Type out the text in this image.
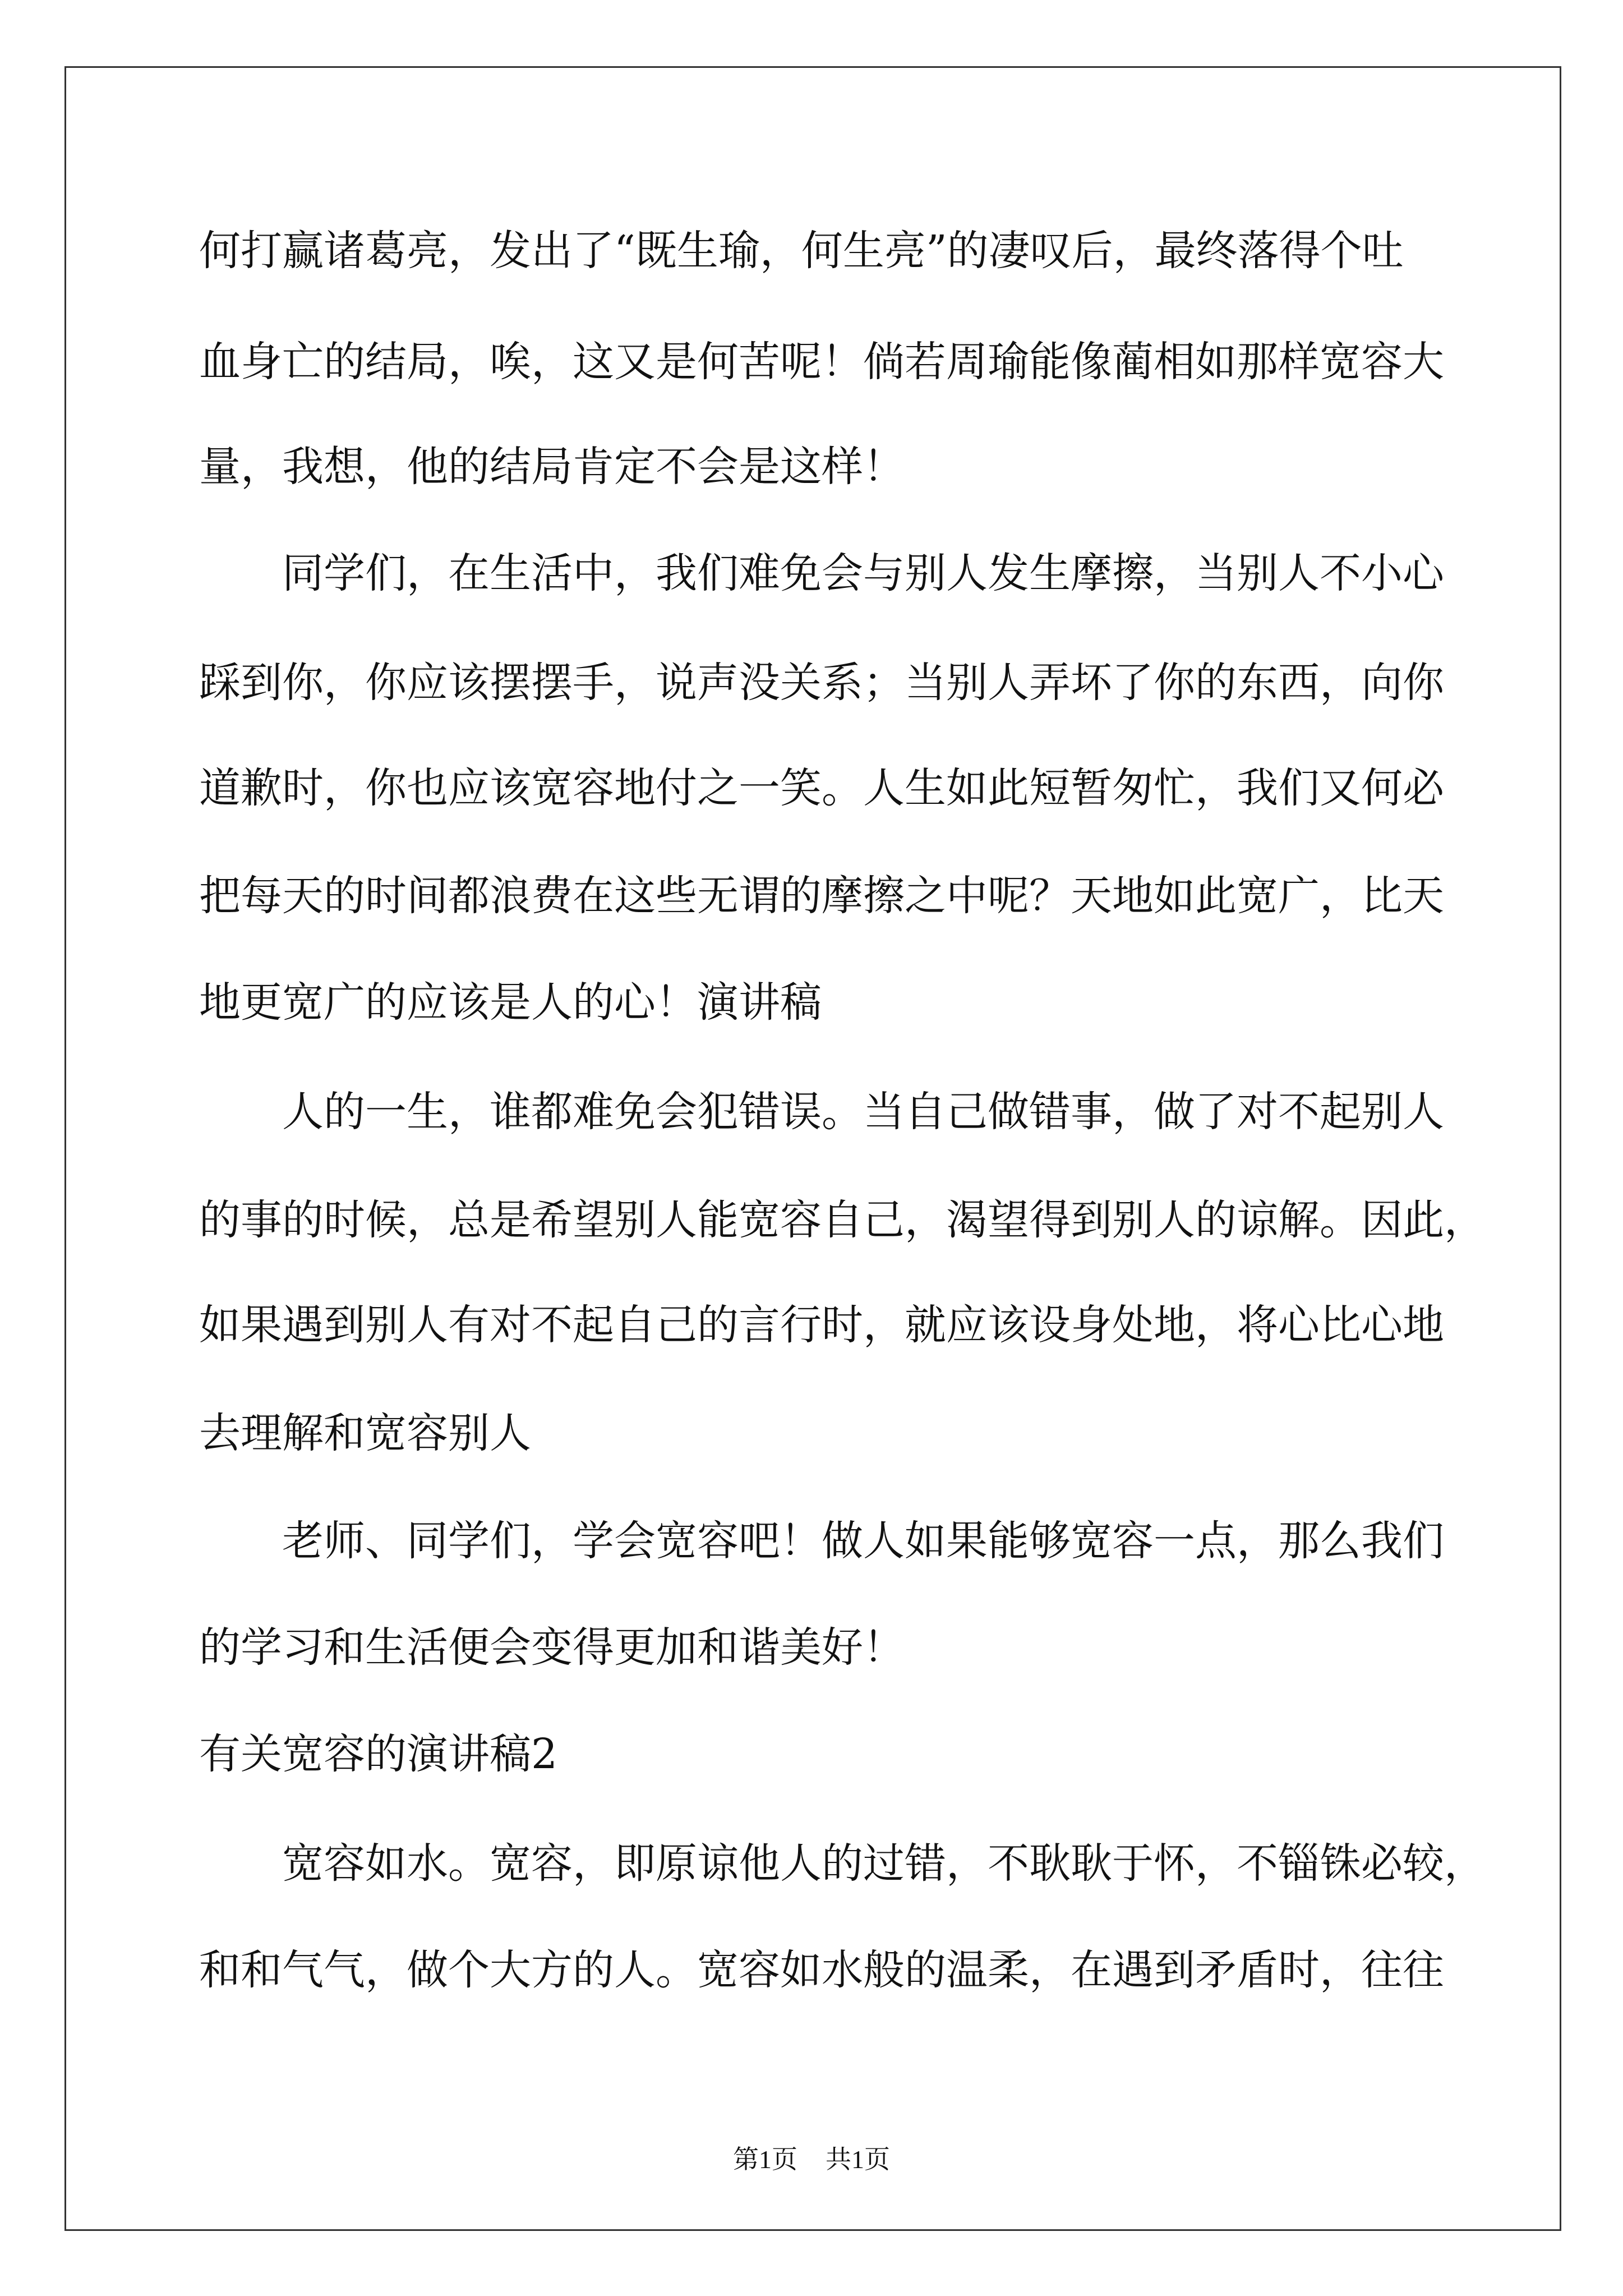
何打赢诸葛亮，发出了“既生瑜，何生亮”的凄叹后，最终落得个吐
血身亡的结局，唉，这又是何苦呢！倘若周瑜能像蔺相如那样宽容大
量，我想，他的结局肯定不会是这样！
同学们，在生活中，我们难免会与别人发生摩擦，当别人不小心
踩到你，你应该摆摆手，说声没关系；当别人弄坏了你的东西，向你
道歉时，你也应该宽容地付之一笑。人生如此短暂匆忙，我们又何必
把每天的时间都浪费在这些无谓的摩擦之中呢？天地如此宽广，比天
地更宽广的应该是人的心！演讲稿
人的一生，谁都难免会犯错误。当自己做错事，做了对不起别人
的事的时候，总是希望别人能宽容自己，渴望得到别人的谅解。因此，
如果遇到别人有对不起自己的言行时，就应该设身处地，将心比心地
去理解和宽容别人
老师、同学们，学会宽容吧！做人如果能够宽容一点，那么我们
的学习和生活便会变得更加和谐美好！
有关宽容的演讲稿2
宽容如水。宽容，即原谅他人的过错，不耿耿于怀，不锱铢必较，
和和气气，做个大方的人。宽容如水般的温柔，在遇到矛盾时，往往
第1页 共1页
